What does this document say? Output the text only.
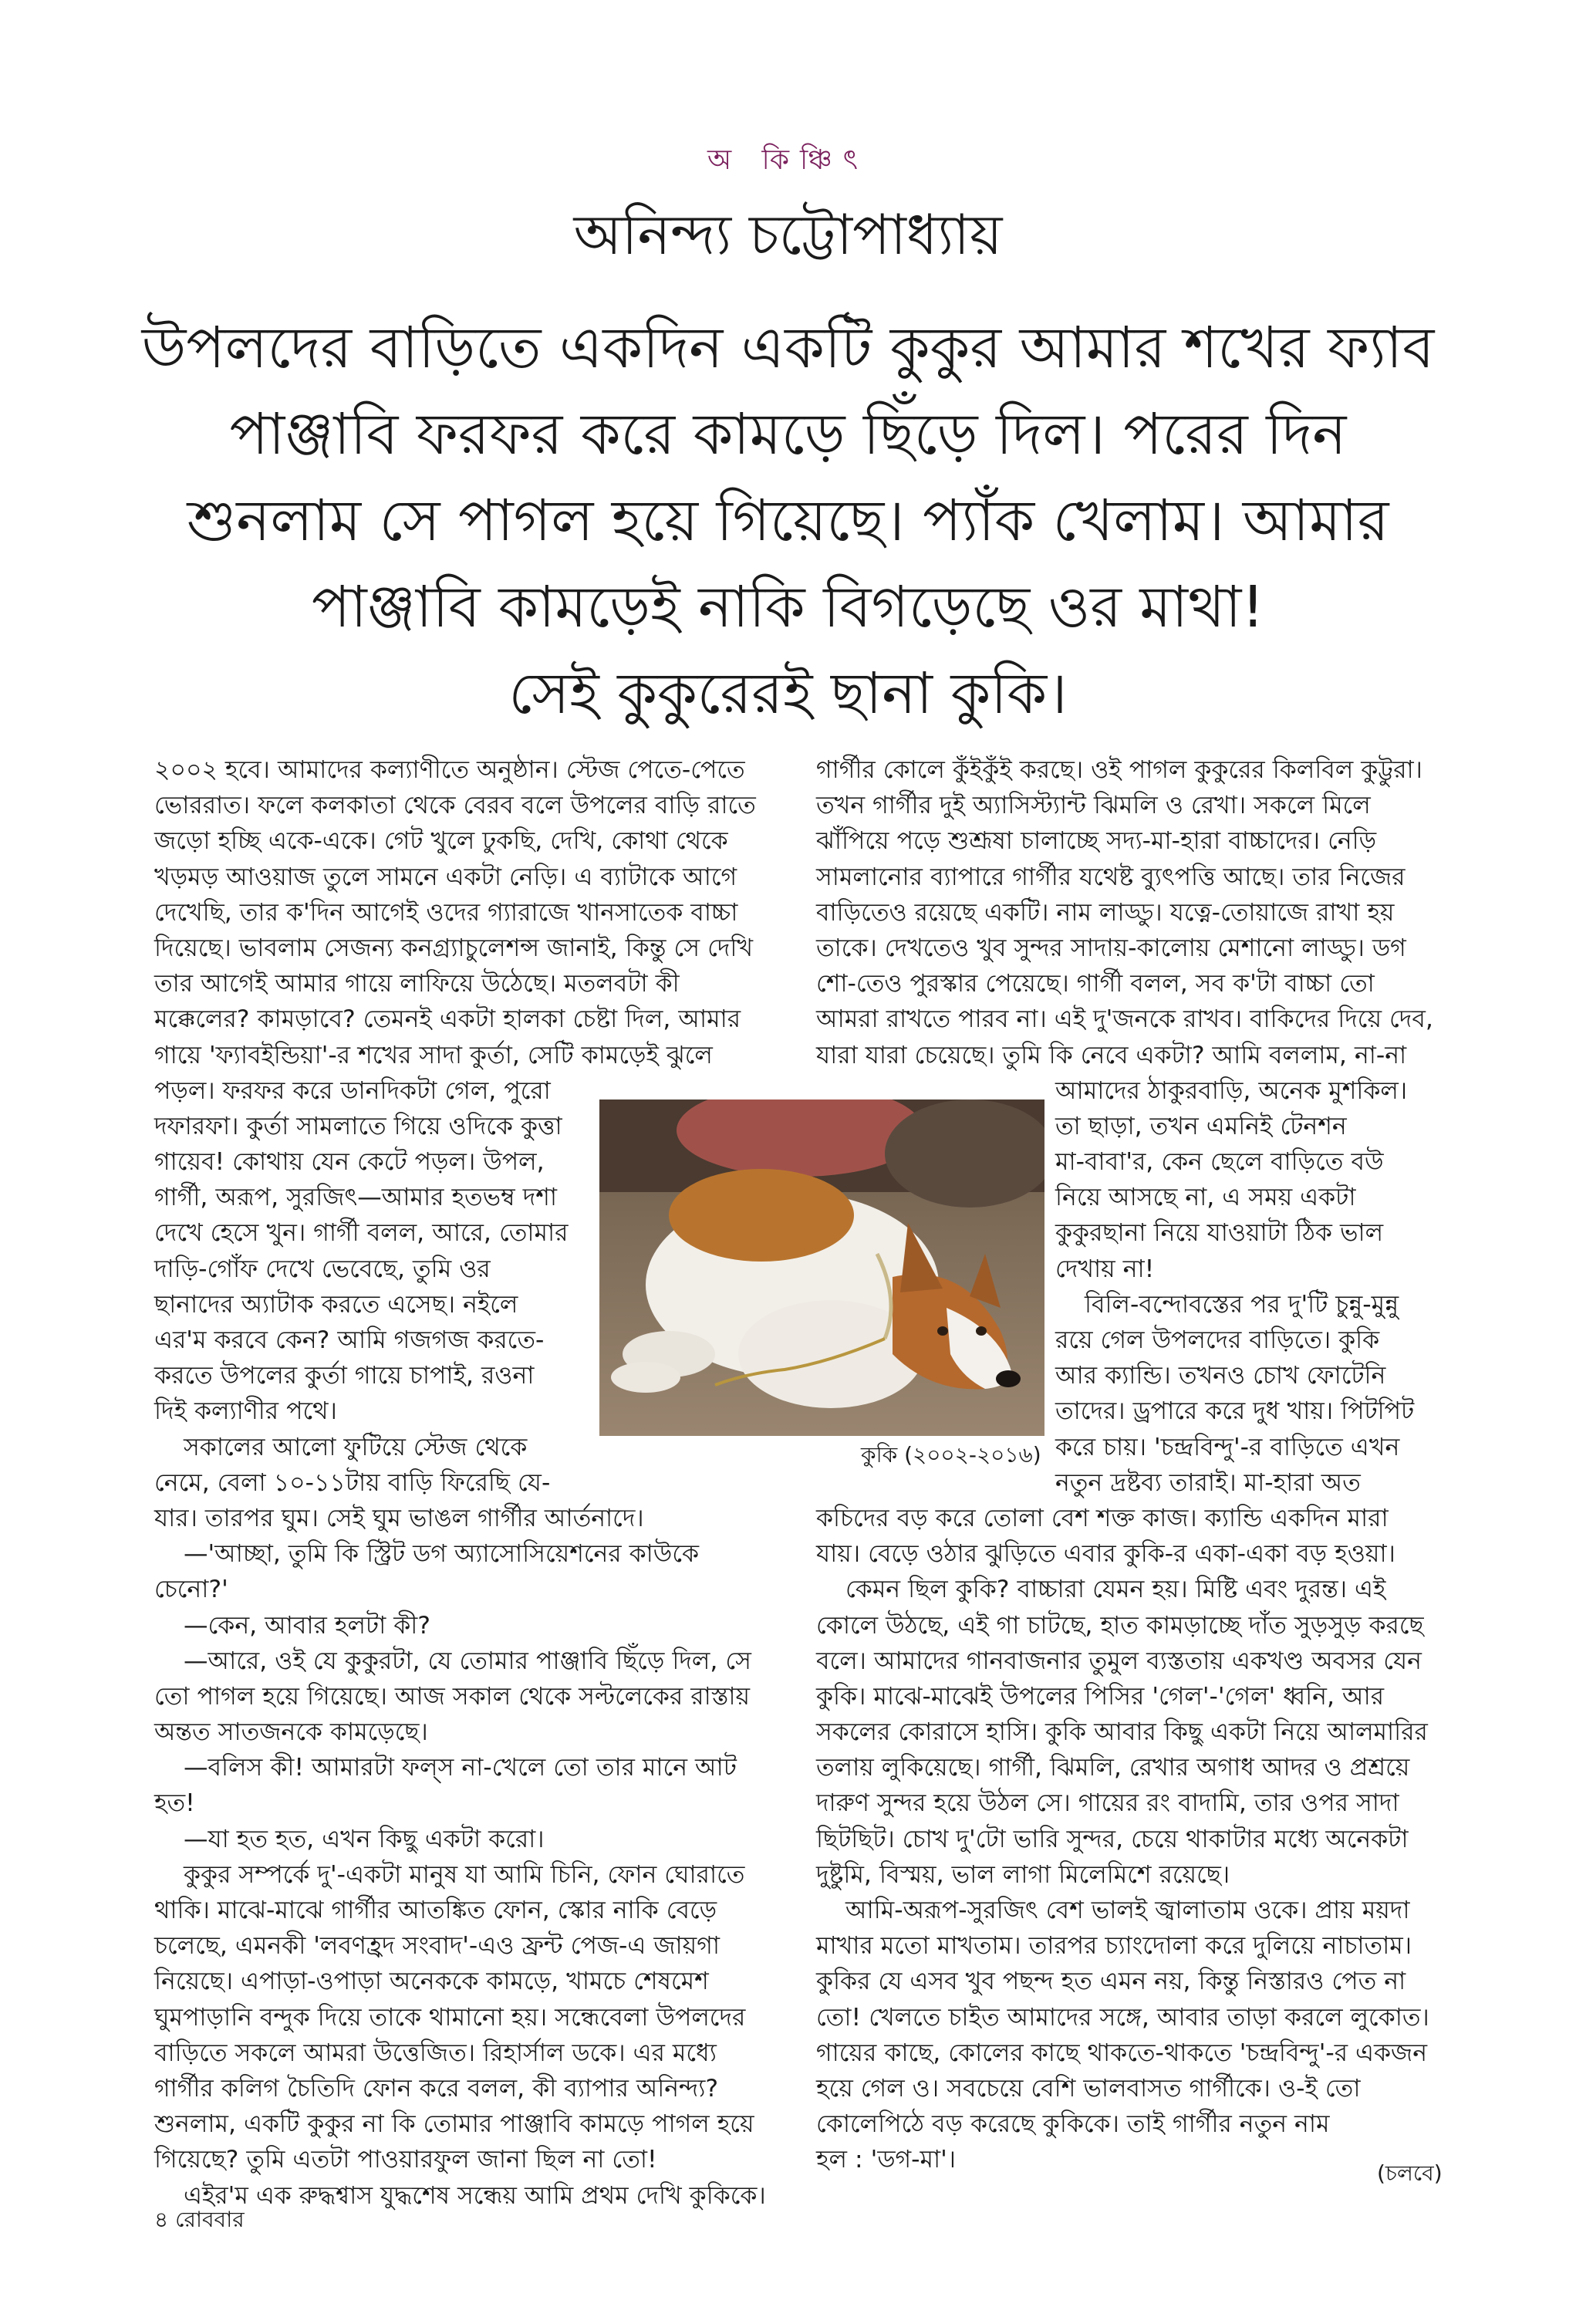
অ কিঞ্চিৎ
অনিন্দ্য চট্টোপাধ্যায়
উপলদের বাড়িতে একদিন একটি কুকুর আমার শখের ফ্যাব
পাঞ্জাবি ফরফর করে কামড়ে ছিঁড়ে দিল। পরের দিন
শুনলাম সে পাগল হয়ে গিয়েছে। প্যাঁক খেলাম। আমার
পাঞ্জাবি কামড়েই নাকি বিগড়েছে ওর মাথা!
সেই কুকুরেরই ছানা কুকি।
২০০২ হবে। আমাদের কল্যাণীতে অনুষ্ঠান। স্টেজ পেতে-পেতে
ভোররাত। ফলে কলকাতা থেকে বেরব বলে উপলের বাড়ি রাতে
জড়ো হচ্ছি একে-একে। গেট খুলে ঢুকছি, দেখি, কোথা থেকে
খড়মড় আওয়াজ তুলে সামনে একটা নেড়ি। এ ব্যাটাকে আগে
দেখেছি, তার ক'দিন আগেই ওদের গ্যারাজে খানসাতেক বাচ্চা
দিয়েছে। ভাবলাম সেজন্য কনগ্র্যাচুলেশন্স জানাই, কিন্তু সে দেখি
তার আগেই আমার গায়ে লাফিয়ে উঠেছে। মতলবটা কী
মক্কেলের? কামড়াবে? তেমনই একটা হালকা চেষ্টা দিল, আমার
গায়ে 'ফ্যাবইন্ডিয়া'-র শখের সাদা কুর্তা, সেটি কামড়েই ঝুলে
পড়ল। ফরফর করে ডানদিকটা গেল, পুরো
দফারফা। কুর্তা সামলাতে গিয়ে ওদিকে কুত্তা
গায়েব! কোথায় যেন কেটে পড়ল। উপল,
গার্গী, অরূপ, সুরজিৎ—আমার হতভম্ব দশা
দেখে হেসে খুন। গার্গী বলল, আরে, তোমার
দাড়ি-গোঁফ দেখে ভেবেছে, তুমি ওর
ছানাদের অ্যাটাক করতে এসেছ। নইলে
এর'ম করবে কেন? আমি গজগজ করতে-
করতে উপলের কুর্তা গায়ে চাপাই, রওনা
দিই কল্যাণীর পথে।
সকালের আলো ফুটিয়ে স্টেজ থেকে
নেমে, বেলা ১০-১১টায় বাড়ি ফিরেছি যে-
যার। তারপর ঘুম। সেই ঘুম ভাঙল গার্গীর আর্তনাদে।
—'আচ্ছা, তুমি কি স্ট্রিট ডগ অ্যাসোসিয়েশনের কাউকে
চেনো?'
—কেন, আবার হলটা কী?
—আরে, ওই যে কুকুরটা, যে তোমার পাঞ্জাবি ছিঁড়ে দিল, সে
তো পাগল হয়ে গিয়েছে। আজ সকাল থেকে সল্টলেকের রাস্তায়
অন্তত সাতজনকে কামড়েছে।
—বলিস কী! আমারটা ফল্স না-খেলে তো তার মানে আট
হত!
—যা হত হত, এখন কিছু একটা করো।
কুকুর সম্পর্কে দু'-একটা মানুষ যা আমি চিনি, ফোন ঘোরাতে
থাকি। মাঝে-মাঝে গার্গীর আতঙ্কিত ফোন, স্কোর নাকি বেড়ে
চলেছে, এমনকী 'লবণহ্রদ সংবাদ'-এও ফ্রন্ট পেজ-এ জায়গা
নিয়েছে। এপাড়া-ওপাড়া অনেককে কামড়ে, খামচে শেষমেশ
ঘুমপাড়ানি বন্দুক দিয়ে তাকে থামানো হয়। সন্ধেবেলা উপলদের
বাড়িতে সকলে আমরা উত্তেজিত। রিহার্সাল ডকে। এর মধ্যে
গার্গীর কলিগ চৈতিদি ফোন করে বলল, কী ব্যাপার অনিন্দ্য?
শুনলাম, একটি কুকুর না কি তোমার পাঞ্জাবি কামড়ে পাগল হয়ে
গিয়েছে? তুমি এতটা পাওয়ারফুল জানা ছিল না তো!
এইর'ম এক রুদ্ধশ্বাস যুদ্ধশেষ সন্ধেয় আমি প্রথম দেখি কুকিকে।
গার্গীর কোলে কুঁইকুঁই করছে। ওই পাগল কুকুরের কিলবিল কুট্টুরা।
তখন গার্গীর দুই অ্যাসিস্ট্যান্ট ঝিমলি ও রেখা। সকলে মিলে
ঝাঁপিয়ে পড়ে শুশ্রূষা চালাচ্ছে সদ্য-মা-হারা বাচ্চাদের। নেড়ি
সামলানোর ব্যাপারে গার্গীর যথেষ্ট ব্যুৎপত্তি আছে। তার নিজের
বাড়িতেও রয়েছে একটি। নাম লাড্ডু। যত্নে-তোয়াজে রাখা হয়
তাকে। দেখতেও খুব সুন্দর সাদায়-কালোয় মেশানো লাড্ডু। ডগ
শো-তেও পুরস্কার পেয়েছে। গার্গী বলল, সব ক'টা বাচ্চা তো
আমরা রাখতে পারব না। এই দু'জনকে রাখব। বাকিদের দিয়ে দেব,
যারা যারা চেয়েছে। তুমি কি নেবে একটা? আমি বললাম, না-না
আমাদের ঠাকুরবাড়ি, অনেক মুশকিল।
তা ছাড়া, তখন এমনিই টেনশন
মা-বাবা'র, কেন ছেলে বাড়িতে বউ
নিয়ে আসছে না, এ সময় একটা
কুকুরছানা নিয়ে যাওয়াটা ঠিক ভাল
দেখায় না!
বিলি-বন্দোবস্তের পর দু'টি চুন্নু-মুন্নু
রয়ে গেল উপলদের বাড়িতে। কুকি
আর ক্যান্ডি। তখনও চোখ ফোটেনি
তাদের। ড্রপারে করে দুধ খায়। পিটপিট
করে চায়। 'চন্দ্রবিন্দু'-র বাড়িতে এখন
নতুন দ্রষ্টব্য তারাই। মা-হারা অত
কচিদের বড় করে তোলা বেশ শক্ত কাজ। ক্যান্ডি একদিন মারা
যায়। বেড়ে ওঠার ঝুড়িতে এবার কুকি-র একা-একা বড় হওয়া।
কেমন ছিল কুকি? বাচ্চারা যেমন হয়। মিষ্টি এবং দুরন্ত। এই
কোলে উঠছে, এই গা চাটছে, হাত কামড়াচ্ছে দাঁত সুড়সুড় করছে
বলে। আমাদের গানবাজনার তুমুল ব্যস্ততায় একখণ্ড অবসর যেন
কুকি। মাঝে-মাঝেই উপলের পিসির 'গেল'-'গেল' ধ্বনি, আর
সকলের কোরাসে হাসি। কুকি আবার কিছু একটা নিয়ে আলমারির
তলায় লুকিয়েছে। গার্গী, ঝিমলি, রেখার অগাধ আদর ও প্রশ্রয়ে
দারুণ সুন্দর হয়ে উঠল সে। গায়ের রং বাদামি, তার ওপর সাদা
ছিটছিট। চোখ দু'টো ভারি সুন্দর, চেয়ে থাকাটার মধ্যে অনেকটা
দুষ্টুমি, বিস্ময়, ভাল লাগা মিলেমিশে রয়েছে।
আমি-অরূপ-সুরজিৎ বেশ ভালই জ্বালাতাম ওকে। প্রায় ময়দা
মাখার মতো মাখতাম। তারপর চ্যাংদোলা করে দুলিয়ে নাচাতাম।
কুকির যে এসব খুব পছন্দ হত এমন নয়, কিন্তু নিস্তারও পেত না
তো! খেলতে চাইত আমাদের সঙ্গে, আবার তাড়া করলে লুকোত।
গায়ের কাছে, কোলের কাছে থাকতে-থাকতে 'চন্দ্রবিন্দু'-র একজন
হয়ে গেল ও। সবচেয়ে বেশি ভালবাসত গার্গীকে। ও-ই তো
কোলেপিঠে বড় করেছে কুকিকে। তাই গার্গীর নতুন নাম
হল : 'ডগ-মা'।
কুকি (২০০২-২০১৬)
(চলবে)
৪ রোববার
